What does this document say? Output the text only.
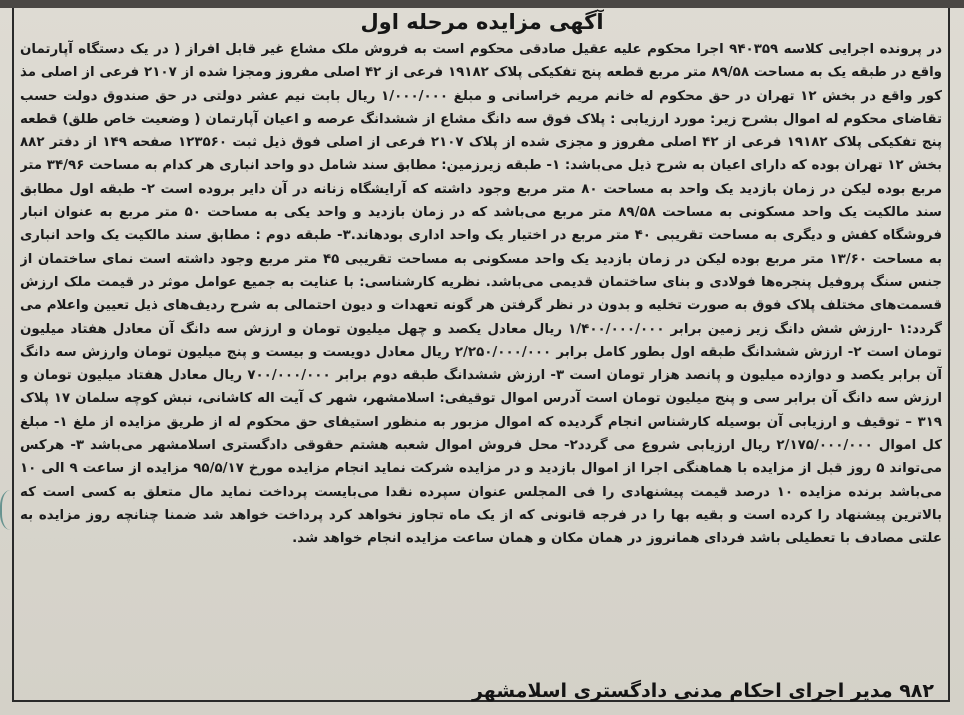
آگهی مزایده مرحله اول
در پرونده اجرایی کلاسه ۹۴۰۳۵۹ اجرا محکوم علیه عقیل صادقی محکوم است به فروش ملک مشاع غیر قابل افراز ( در یک دستگاه آپارتمان واقع در طبقه یک به مساحت ۸۹/۵۸ متر مربع قطعه پنج تفکیکی پلاک ۱۹۱۸۲ فرعی از ۴۲ اصلی مفروز ومجزا شده از ۲۱۰۷ فرعی از اصلی مذ کور واقع در بخش ۱۲ تهران در حق محکوم له خانم مریم خراسانی و مبلغ ۱/۰۰۰/۰۰۰ ریال بابت نیم عشر دولتی در حق صندوق دولت حسب تقاضای محکوم له اموال بشرح زیر: مورد ارزیابی : پلاک فوق سه دانگ مشاع از ششدانگ عرصه و اعیان آپارتمان ( وضعیت خاص طلق) قطعه پنج تفکیکی پلاک ۱۹۱۸۲ فرعی از ۴۲ اصلی مفروز و مجزی شده از پلاک ۲۱۰۷ فرعی از اصلی فوق ذیل ثبت ۱۲۳۵۶۰ صفحه ۱۴۹ از دفتر ۸۸۲ بخش ۱۲ تهران بوده که دارای اعیان به شرح ذیل می‌باشد: ۱- طبقه زیرزمین: مطابق سند شامل دو واحد انباری هر کدام به مساحت ۳۴/۹۶ متر مربع بوده لیکن در زمان بازدید یک واحد به مساحت ۸۰ متر مربع وجود داشته که آرایشگاه زنانه در آن دایر بروده است ۲- طبقه اول مطابق سند مالکیت یک واحد مسکونی به مساحت ۸۹/۵۸ متر مربع می‌باشد که در زمان بازدید و واحد یکی به مساحت ۵۰ متر مربع به عنوان انبار فروشگاه کفش و دیگری به مساحت تقریبی ۴۰ متر مربع در اختیار یک واحد اداری بودهاند.۳- طبقه دوم : مطابق سند مالکیت یک واحد انباری به مساحت ۱۳/۶۰ متر مربع بوده لیکن در زمان بازدید یک واحد مسکونی به مساحت تقریبی ۴۵ متر مربع وجود داشته است نمای ساختمان از جنس سنگ پروفیل پنجره‌ها فولادی و بنای ساختمان قدیمی می‌باشد. نظریه کارشناسی: با عنایت به جمیع عوامل موثر در قیمت ملک ارزش قسمت‌های مختلف پلاک فوق به صورت تخلیه و بدون در نظر گرفتن هر گونه تعهدات و دیون احتمالی به شرح ردیف‌های ذیل تعیین واعلام می گردد:۱ -ارزش شش دانگ زیر زمین برابر ۱/۴۰۰/۰۰۰/۰۰۰ ریال معادل یکصد و چهل میلیون تومان و ارزش سه دانگ آن معادل هفتاد میلیون تومان است ۲- ارزش ششدانگ طبقه اول بطور کامل برابر ۲/۲۵۰/۰۰۰/۰۰۰ ریال معادل دویست و بیست و پنج میلیون تومان وارزش سه دانگ آن برابر یکصد و دوازده میلیون و پانصد هزار تومان است ۳- ارزش ششدانگ طبقه دوم برابر ۷۰۰/۰۰۰/۰۰۰ ریال معادل هفتاد میلیون تومان و ارزش سه دانگ آن برابر سی و پنج میلیون تومان است آدرس اموال توقیفی: اسلامشهر، شهر ک آیت اله کاشانی، نبش کوچه سلمان ۱۷ پلاک ۳۱۹ – توقیف و ارزیابی آن بوسیله کارشناس انجام گردیده که اموال مزبور به منظور استیفای حق محکوم له از طریق مزایده از ملغ ۱- مبلغ کل اموال ۲/۱۷۵/۰۰۰/۰۰۰ ریال ارزیابی شروع می گردد۲- محل فروش اموال شعبه هشتم حقوقی دادگستری اسلامشهر می‌باشد ۳- هرکس می‌تواند ۵ روز قبل از مزایده با هماهنگی اجرا از اموال بازدید و در مزایده شرکت نماید انجام مزایده مورخ ۹۵/۵/۱۷ مزایده از ساعت ۹ الی ۱۰ می‌باشد برنده مزایده ۱۰ درصد قیمت پیشنهادی را فی المجلس عنوان سپرده نقدا می‌بایست پرداخت نماید مال متعلق به کسی است که بالاترین پیشنهاد را کرده است و بقیه بها را در فرجه قانونی که از یک ماه تجاوز نخواهد کرد پرداخت خواهد شد ضمنا چنانچه روز مزایده به علتی مصادف با تعطیلی باشد فردای همانروز در همان مکان و همان ساعت مزایده انجام خواهد شد.
۹۸۲ مدیر اجرای احکام مدنی دادگستری اسلامشهر
